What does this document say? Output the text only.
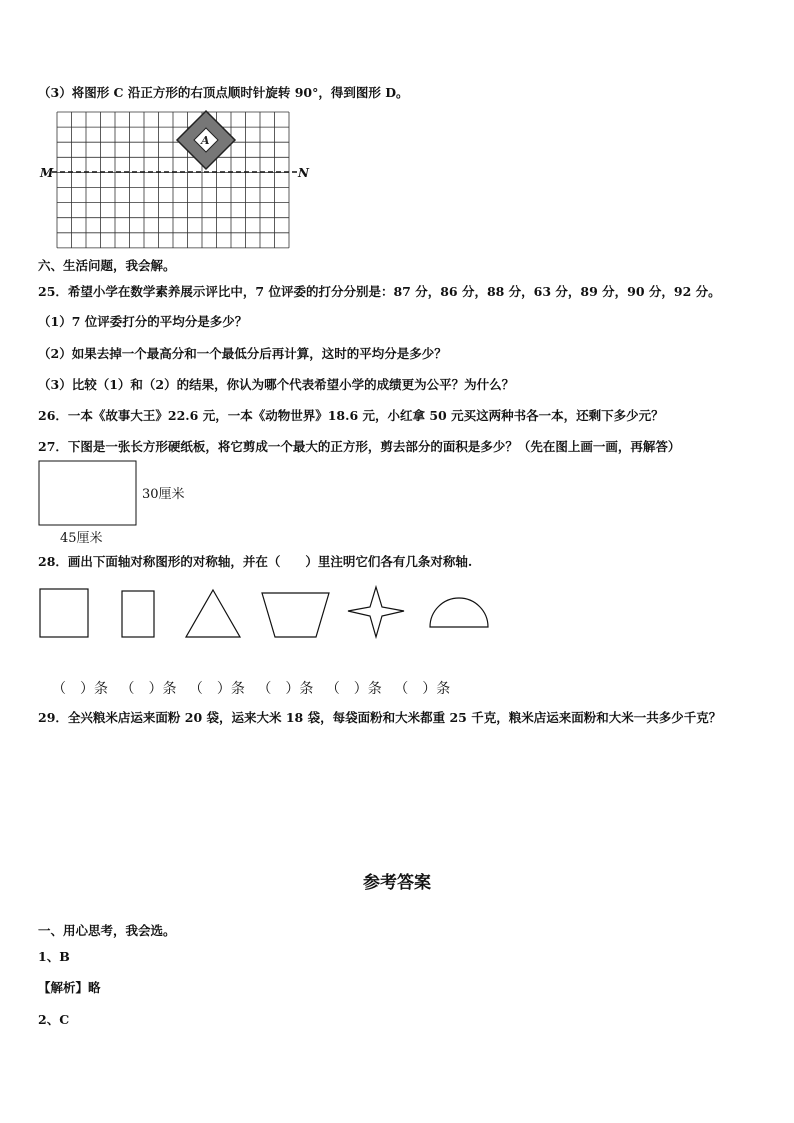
（3）将图形 C 沿正方形的右顶点顺时针旋转 90°，得到图形 D。
A
M	N
六、生活问题，我会解。
25．希望小学在数学素养展示评比中，7 位评委的打分分别是：87 分，86 分，88 分，63 分，89 分，90 分，92 分。
（1）7 位评委打分的平均分是多少？
（2）如果去掉一个最高分和一个最低分后再计算，这时的平均分是多少？
（3）比较（1）和（2）的结果，你认为哪个代表希望小学的成绩更为公平？为什么？
26．一本《故事大王》22.6 元，一本《动物世界》18.6 元，小红拿 50 元买这两种书各一本，还剩下多少元？
27．下图是一张长方形硬纸板，将它剪成一个最大的正方形，剪去部分的面积是多少？（先在图上画一画，再解答）
30厘米
45厘米
28．画出下面轴对称图形的对称轴，并在（　　）里注明它们各有几条对称轴.
（　）条 （　）条 （　）条 （　）条 （　）条 （　）条
29．全兴粮米店运来面粉 20 袋，运来大米 18 袋，每袋面粉和大米都重 25 千克，粮米店运来面粉和大米一共多少千克？
参考答案
一、用心思考，我会选。
1、B
【解析】略
2、C
